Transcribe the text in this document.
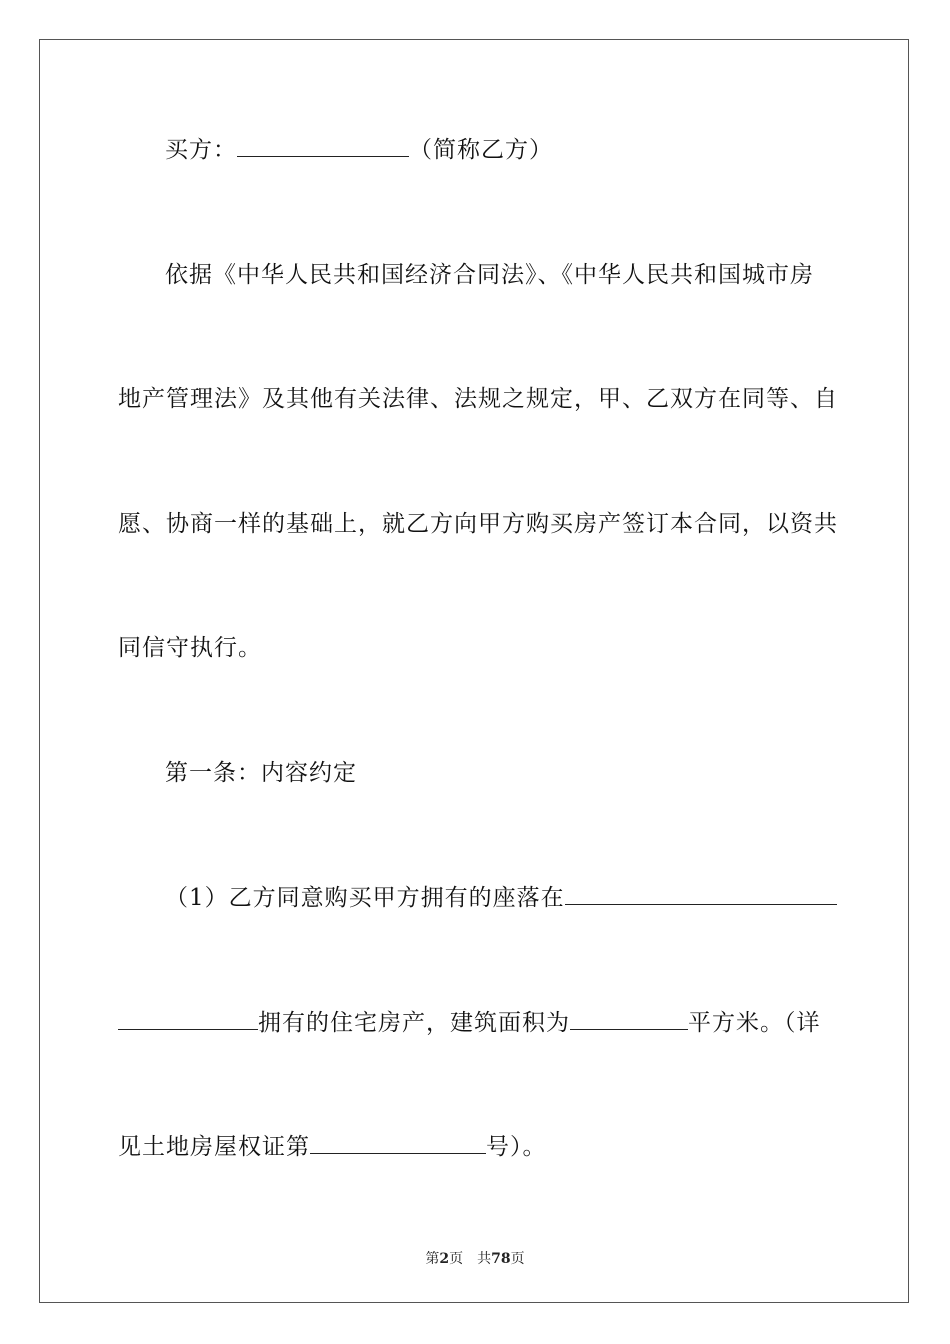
买方：	（简称乙方）
依据《中华人民共和国经济合同法》、《中华人民共和国城市房
地产管理法》及其他有关法律、法规之规定，甲、乙双方在同等、自
愿、协商一样的基础上，就乙方向甲方购买房产签订本合同，以资共
同信守执行。
第一条：内容约定
（1）乙方同意购买甲方拥有的座落在
拥有的住宅房产，建筑面积为	平方米。（详
见土地房屋权证第	号）。
第2页　共78页
